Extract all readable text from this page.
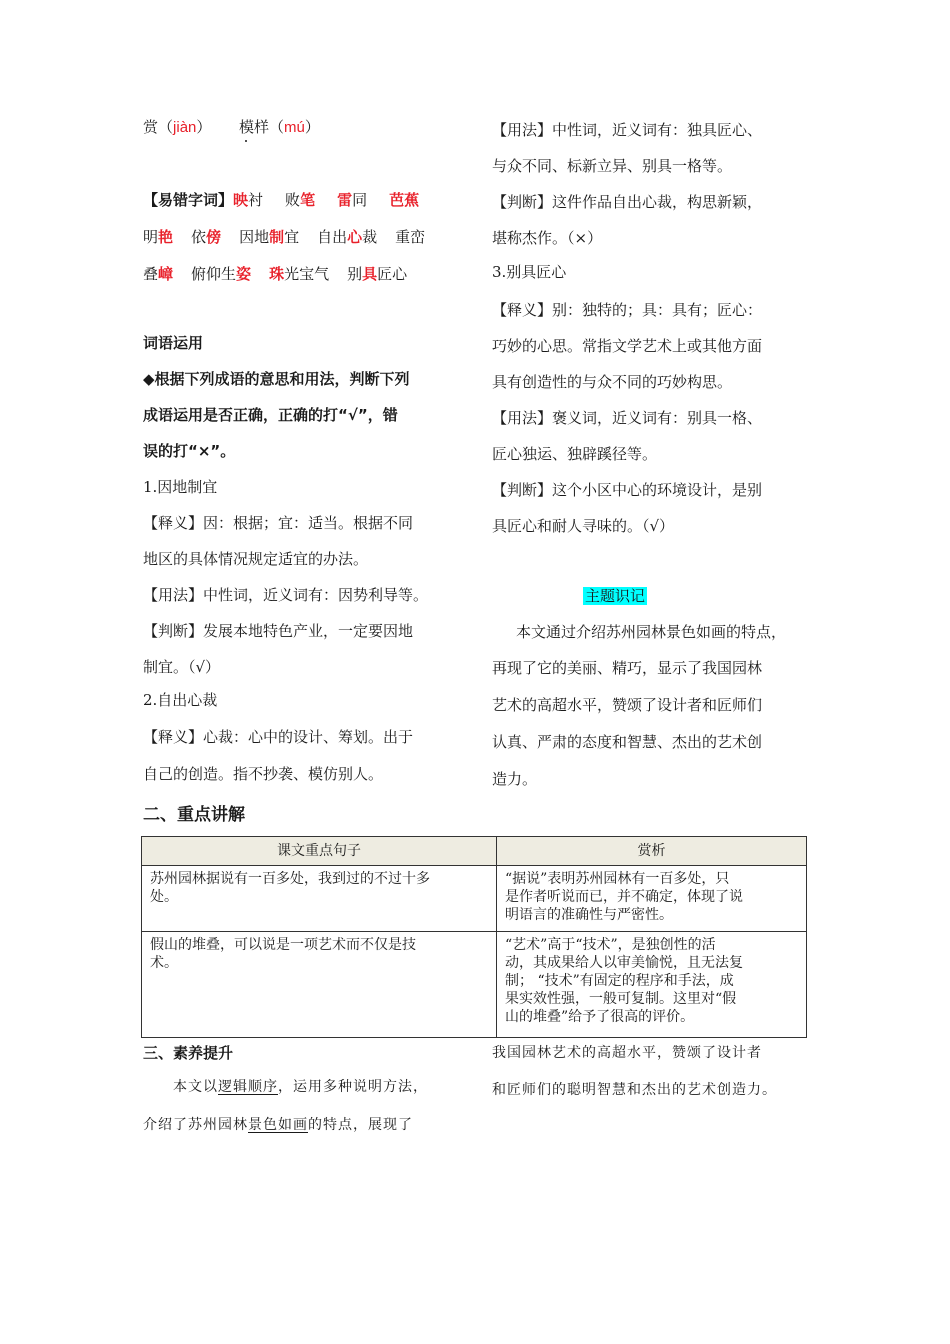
赏（jiàn） 模样（mú）
【易错字词】映衬 败笔 雷同 芭蕉
明艳 依傍 因地制宜 自出心裁 重峦
叠嶂 俯仰生姿 珠光宝气 别具匠心
词语运用
◆根据下列成语的意思和用法，判断下列
成语运用是否正确，正确的打“√”，错
误的打“×”。
1.因地制宜
【释义】因：根据；宜：适当。根据不同
地区的具体情况规定适宜的办法。
【用法】中性词，近义词有：因势利导等。
【判断】发展本地特色产业，一定要因地
制宜。（√）
2.自出心裁
【释义】心裁：心中的设计、筹划。出于
自己的创造。指不抄袭、模仿别人。
【用法】中性词，近义词有：独具匠心、
与众不同、标新立异、别具一格等。
【判断】这件作品自出心裁，构思新颖，
堪称杰作。（×）
3.别具匠心
【释义】别：独特的；具：具有；匠心：
巧妙的心思。常指文学艺术上或其他方面
具有创造性的与众不同的巧妙构思。
【用法】褒义词，近义词有：别具一格、
匠心独运、独辟蹊径等。
【判断】这个小区中心的环境设计，是别
具匠心和耐人寻味的。（√）
主题识记
本文通过介绍苏州园林景色如画的特点，
再现了它的美丽、精巧，显示了我国园林
艺术的高超水平，赞颂了设计者和匠师们
认真、严肃的态度和智慧、杰出的艺术创
造力。
二、重点讲解
课文重点句子	赏析

苏州园林据说有一百多处，我到过的不过十多
处。	“据说”表明苏州园林有一百多处，只
是作者听说而已，并不确定，体现了说
明语言的准确性与严密性。

假山的堆叠，可以说是一项艺术而不仅是技
术。	“艺术”高于“技术”，是独创性的活
动，其成果给人以审美愉悦，且无法复
制； “技术”有固定的程序和手法，成
果实效性强，一般可复制。这里对“假
山的堆叠”给予了很高的评价。
三、素养提升
本文以逻辑顺序，运用多种说明方法，
介绍了苏州园林景色如画的特点，展现了
我国园林艺术的高超水平，赞颂了设计者
和匠师们的聪明智慧和杰出的艺术创造力。
